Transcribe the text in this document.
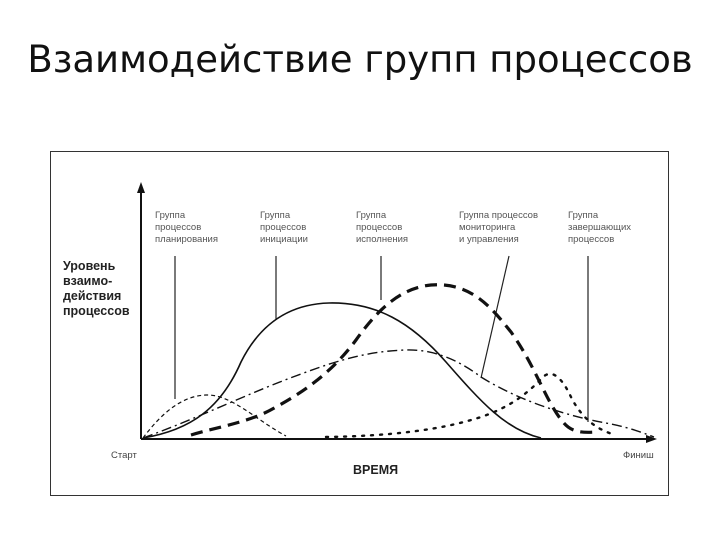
Взаимодействие групп процессов
Уровень взаимо- действия процессов
Старт	Финиш
ВРЕМЯ
Группа процессов планирования
Группа процессов инициации
Группа процессов исполнения
Группа процессов мониторинга и управления
Группа завершающих процессов
